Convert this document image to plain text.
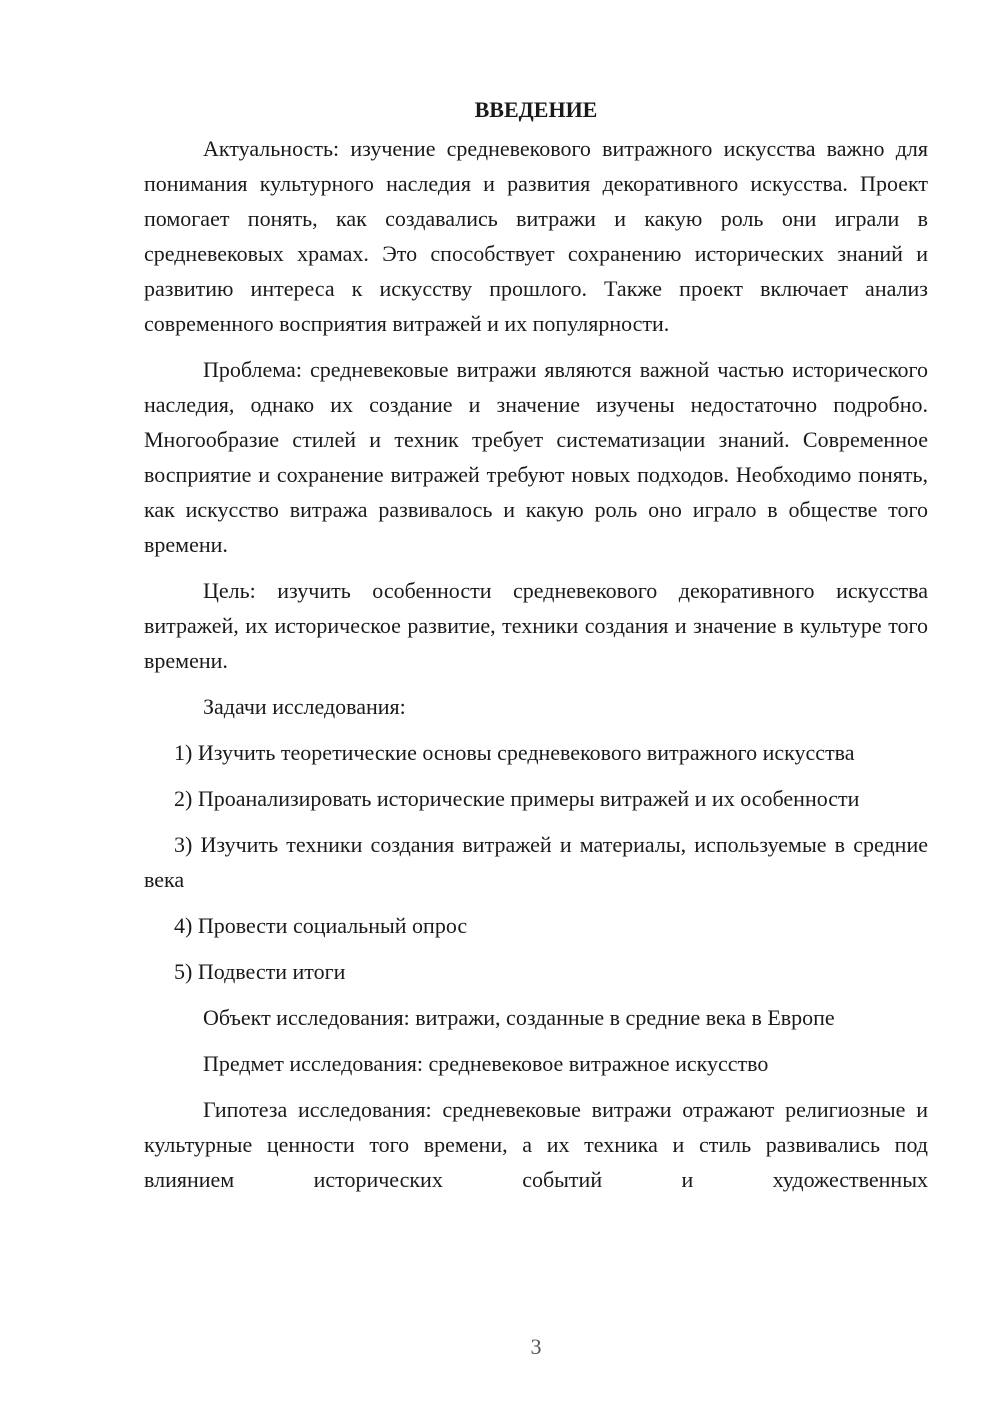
ВВЕДЕНИЕ

Актуальность: изучение средневекового витражного искусства важно для понимания культурного наследия и развития декоративного искусства. Проект помогает понять, как создавались витражи и какую роль они играли в средневековых храмах. Это способствует сохранению исторических знаний и развитию интереса к искусству прошлого. Также проект включает анализ современного восприятия витражей и их популярности.

Проблема: средневековые витражи являются важной частью исторического наследия, однако их создание и значение изучены недостаточно подробно. Многообразие стилей и техник требует систематизации знаний. Современное восприятие и сохранение витражей требуют новых подходов. Необходимо понять, как искусство витража развивалось и какую роль оно играло в обществе того времени.

Цель: изучить особенности средневекового декоративного искусства витражей, их историческое развитие, техники создания и значение в культуре того времени.

Задачи исследования:

1) Изучить теоретические основы средневекового витражного искусства

2) Проанализировать исторические примеры витражей и их особенности

3) Изучить техники создания витражей и материалы, используемые в средние века

4) Провести социальный опрос

5) Подвести итоги

Объект исследования: витражи, созданные в средние века в Европе

Предмет исследования: средневековое витражное искусство

Гипотеза исследования: средневековые витражи отражают религиозные и культурные ценности того времени, а их техника и стиль развивались под влиянием исторических событий и художественных

3
